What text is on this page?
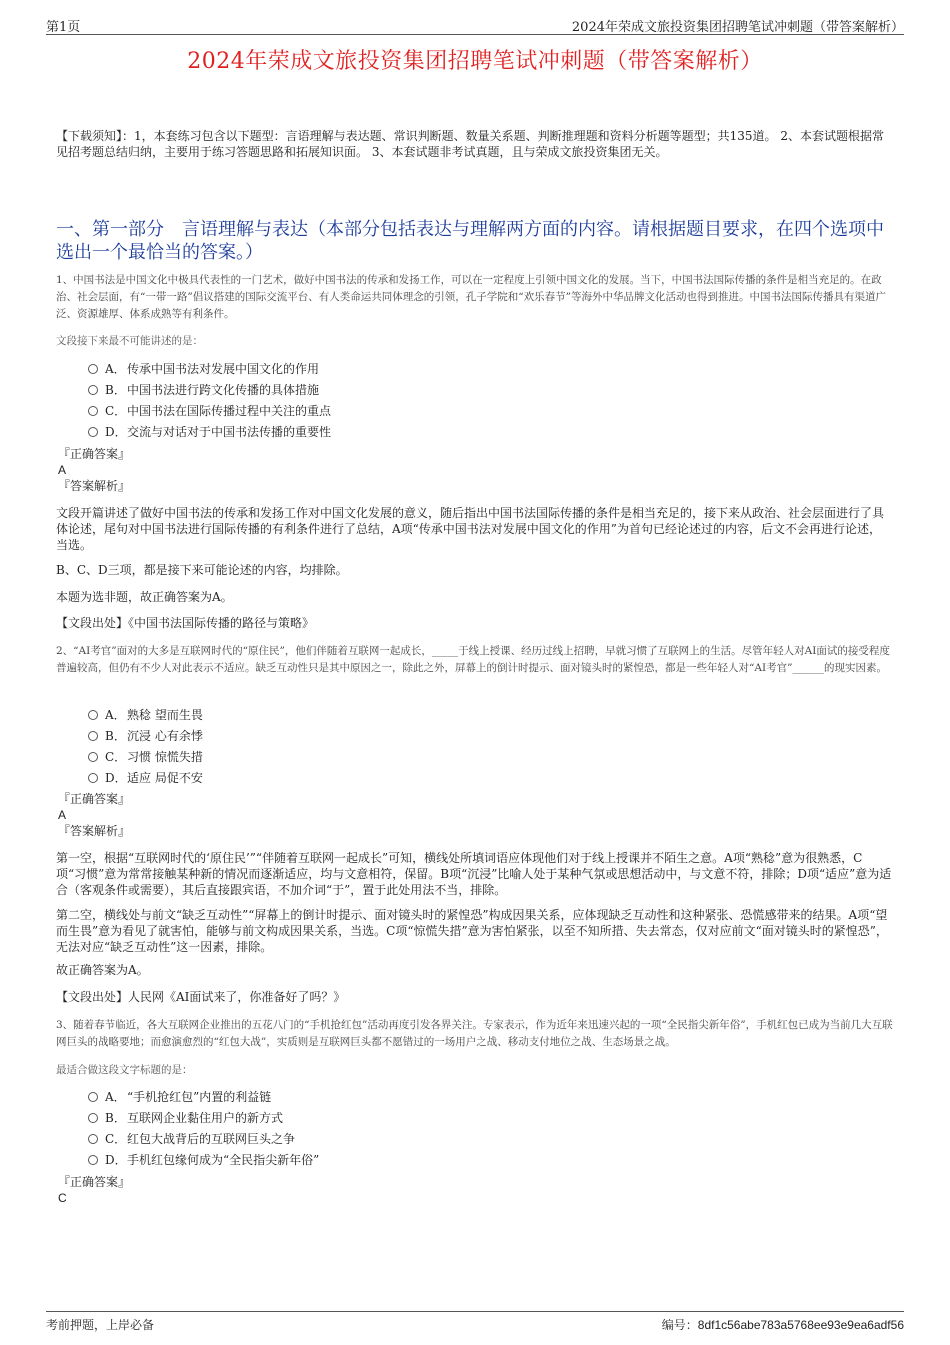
第1页	2024年荣成文旅投资集团招聘笔试冲刺题（带答案解析）
2024年荣成文旅投资集团招聘笔试冲刺题（带答案解析）
【下载须知】：1，本套练习包含以下题型：言语理解与表达题、常识判断题、数量关系题、判断推理题和资料分析题等题型；共135道。 2、本套试题根据常见招考题总结归纳，主要用于练习答题思路和拓展知识面。 3、本套试题非考试真题，且与荣成文旅投资集团无关。
一、第一部分　言语理解与表达（本部分包括表达与理解两方面的内容。请根据题目要求，在四个选项中选出一个最恰当的答案。）
1、中国书法是中国文化中极具代表性的一门艺术，做好中国书法的传承和发扬工作，可以在一定程度上引领中国文化的发展。当下，中国书法国际传播的条件是相当充足的。在政治、社会层面，有“一带一路”倡议搭建的国际交流平台、有人类命运共同体理念的引领，孔子学院和“欢乐春节”等海外中华品牌文化活动也得到推进。中国书法国际传播具有渠道广泛、资源雄厚、体系成熟等有利条件。
文段接下来最不可能讲述的是：
A． 传承中国书法对发展中国文化的作用
B． 中国书法进行跨文化传播的具体措施
C． 中国书法在国际传播过程中关注的重点
D． 交流与对话对于中国书法传播的重要性
『正确答案』
A
『答案解析』
文段开篇讲述了做好中国书法的传承和发扬工作对中国文化发展的意义，随后指出中国书法国际传播的条件是相当充足的，接下来从政治、社会层面进行了具体论述，尾句对中国书法进行国际传播的有利条件进行了总结，A项“传承中国书法对发展中国文化的作用”为首句已经论述过的内容，后文不会再进行论述，当选。
B、C、D三项，都是接下来可能论述的内容，均排除。
本题为选非题，故正确答案为A。
【文段出处】《中国书法国际传播的路径与策略》
2、“AI考官”面对的大多是互联网时代的“原住民”，他们伴随着互联网一起成长，_____于线上授课、经历过线上招聘，早就习惯了互联网上的生活。尽管年轻人对AI面试的接受程度普遍较高，但仍有不少人对此表示不适应。缺乏互动性只是其中原因之一，除此之外，屏幕上的倒计时提示、面对镜头时的紧惶恐，都是一些年轻人对“AI考官”______的现实因素。
A． 熟稔 望而生畏
B． 沉浸 心有余悸
C． 习惯 惊慌失措
D． 适应 局促不安
『正确答案』
A
『答案解析』
第一空，根据“互联网时代的‘原住民’”“伴随着互联网一起成长”可知，横线处所填词语应体现他们对于线上授课并不陌生之意。A项“熟稔”意为很熟悉，C项“习惯”意为常常接触某种新的情况而逐渐适应，均与文意相符，保留。B项“沉浸”比喻人处于某种气氛或思想活动中，与文意不符，排除；D项“适应”意为适合（客观条件或需要），其后直接跟宾语，不加介词“于”，置于此处用法不当，排除。
第二空，横线处与前文“缺乏互动性”“屏幕上的倒计时提示、面对镜头时的紧惶恐”构成因果关系，应体现缺乏互动性和这种紧张、恐慌感带来的结果。A项“望而生畏”意为看见了就害怕，能够与前文构成因果关系，当选。C项“惊慌失措”意为害怕紧张，以至不知所措、失去常态，仅对应前文“面对镜头时的紧惶恐”，无法对应“缺乏互动性”这一因素，排除。
故正确答案为A。
【文段出处】人民网《AI面试来了，你准备好了吗？》
3、随着春节临近，各大互联网企业推出的五花八门的“手机抢红包”活动再度引发各界关注。专家表示，作为近年来迅速兴起的一项“全民指尖新年俗”，手机红包已成为当前几大互联网巨头的战略要地；而愈演愈烈的“红包大战”，实质则是互联网巨头都不愿错过的一场用户之战、移动支付地位之战、生态场景之战。
最适合做这段文字标题的是：
A． “手机抢红包”内置的利益链
B． 互联网企业黏住用户的新方式
C． 红包大战背后的互联网巨头之争
D． 手机红包缘何成为“全民指尖新年俗”
『正确答案』
C
考前押题，上岸必备	编号：8df1c56abe783a5768ee93e9ea6adf56
